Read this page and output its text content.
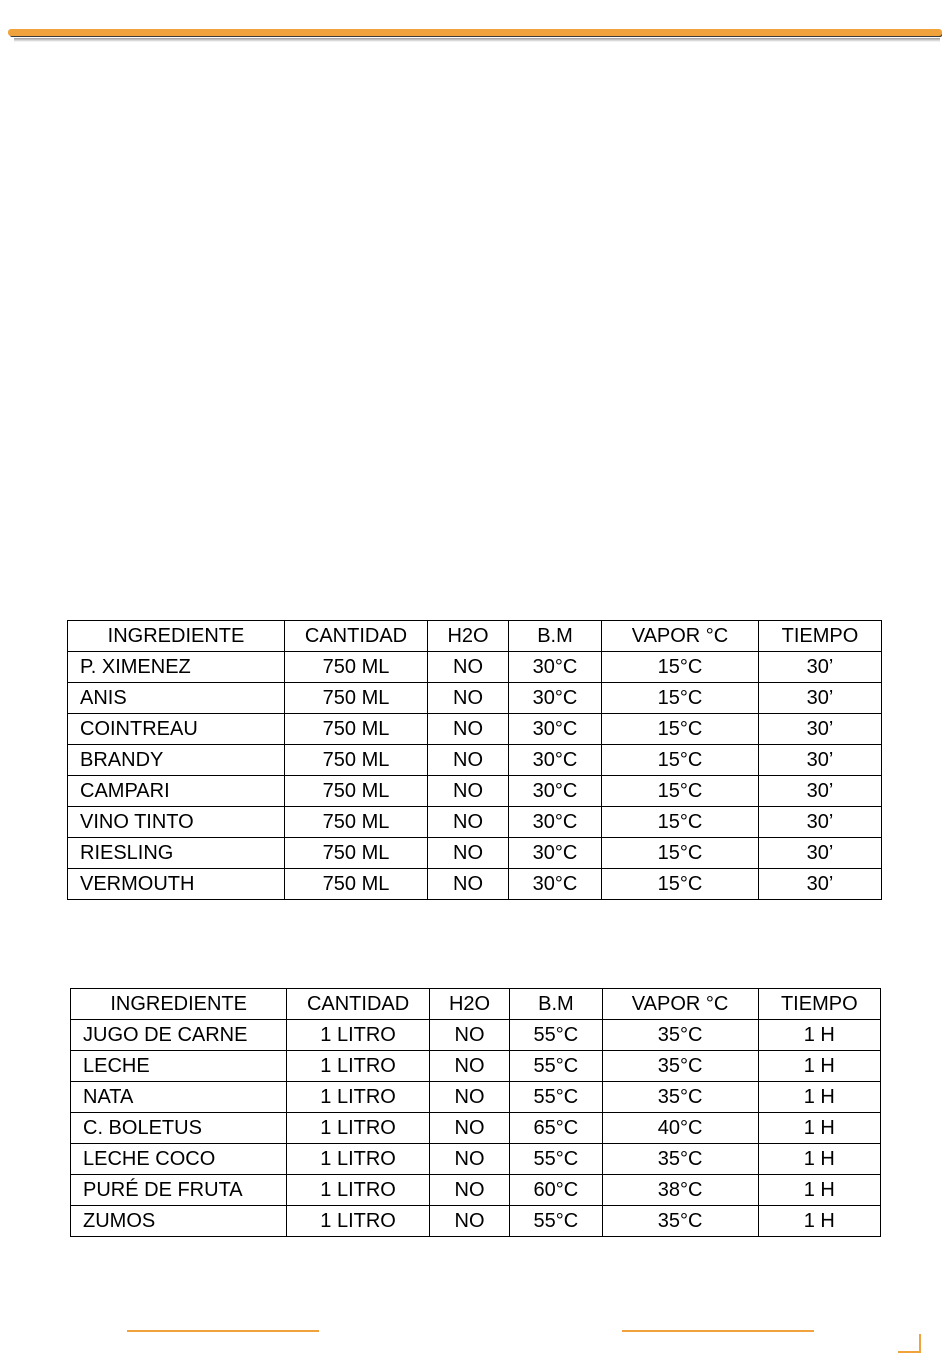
INGREDIENTE	CANTIDAD	H2O	B.M	VAPOR °C	TIEMPO
P. XIMENEZ	750 ML	NO	30°C	15°C	30’
ANIS	750 ML	NO	30°C	15°C	30’
COINTREAU	750 ML	NO	30°C	15°C	30’
BRANDY	750 ML	NO	30°C	15°C	30’
CAMPARI	750 ML	NO	30°C	15°C	30’
VINO TINTO	750 ML	NO	30°C	15°C	30’
RIESLING	750 ML	NO	30°C	15°C	30’
VERMOUTH	750 ML	NO	30°C	15°C	30’
INGREDIENTE	CANTIDAD	H2O	B.M	VAPOR °C	TIEMPO
JUGO DE CARNE	1 LITRO	NO	55°C	35°C	1 H
LECHE	1 LITRO	NO	55°C	35°C	1 H
NATA	1 LITRO	NO	55°C	35°C	1 H
C. BOLETUS	1 LITRO	NO	65°C	40°C	1 H
LECHE COCO	1 LITRO	NO	55°C	35°C	1 H
PURÉ DE FRUTA	1 LITRO	NO	60°C	38°C	1 H
ZUMOS	1 LITRO	NO	55°C	35°C	1 H
